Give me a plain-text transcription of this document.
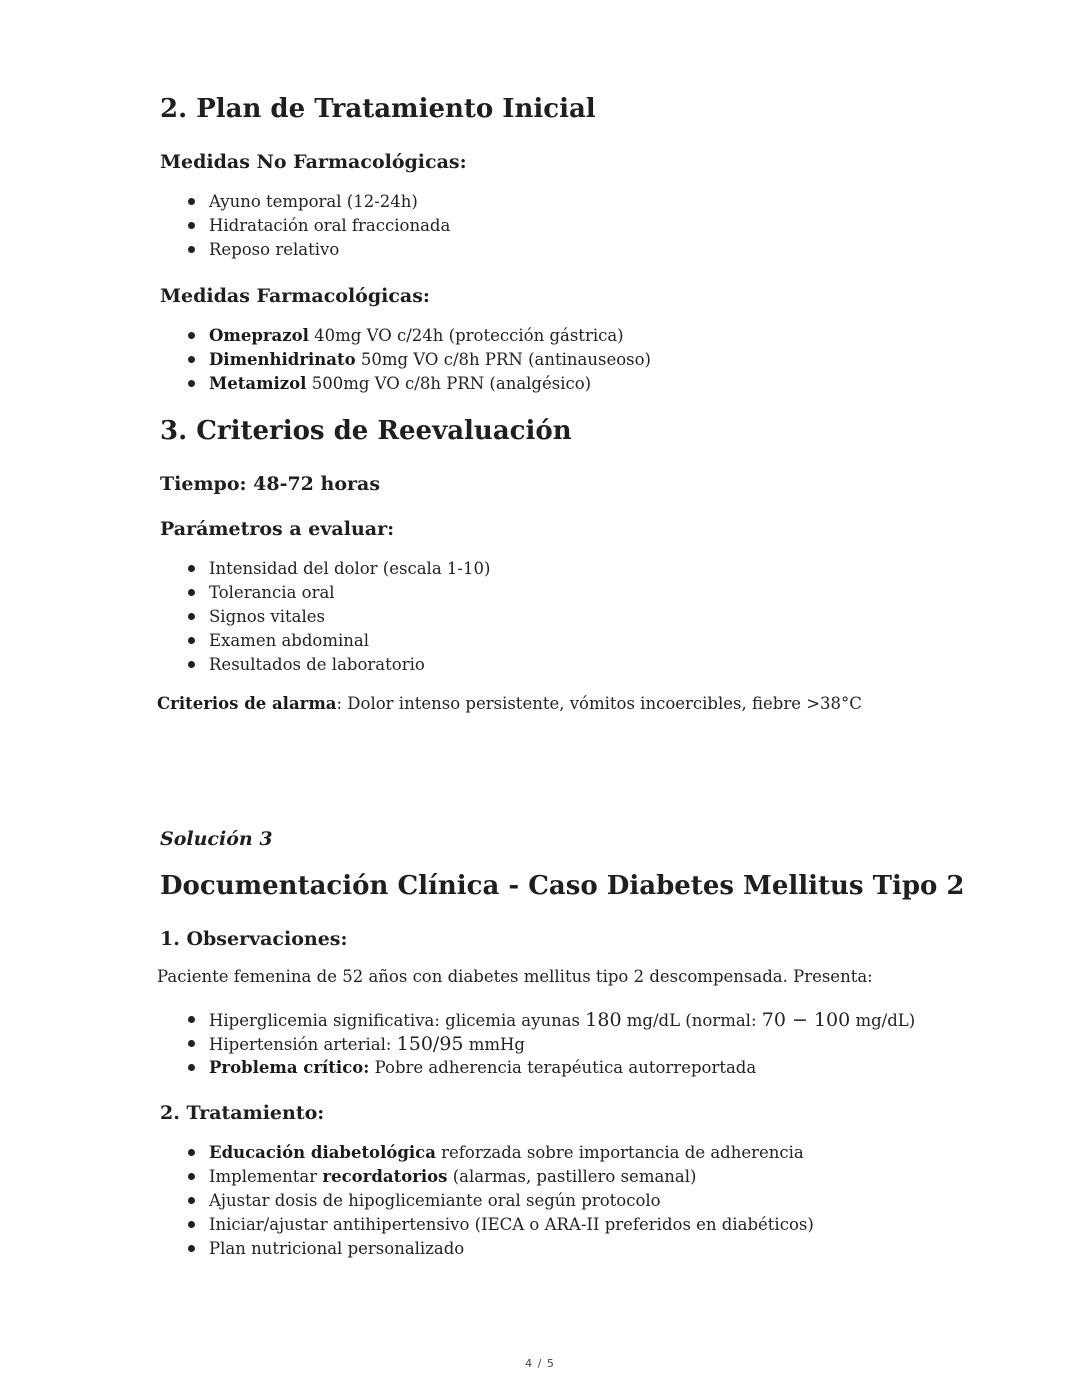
2. Plan de Tratamiento Inicial
Medidas No Farmacológicas:
Ayuno temporal (12-24h)
Hidratación oral fraccionada
Reposo relativo
Medidas Farmacológicas:
Omeprazol 40mg VO c/24h (protección gástrica)
Dimenhidrinato 50mg VO c/8h PRN (antinauseoso)
Metamizol 500mg VO c/8h PRN (analgésico)
3. Criterios de Reevaluación
Tiempo: 48-72 horas
Parámetros a evaluar:
Intensidad del dolor (escala 1-10)
Tolerancia oral
Signos vitales
Examen abdominal
Resultados de laboratorio

Criterios de alarma: Dolor intenso persistente, vómitos incoercibles, fiebre >38°C

Solución 3
Documentación Clínica - Caso Diabetes Mellitus Tipo 2
1. Observaciones:

Paciente femenina de 52 años con diabetes mellitus tipo 2 descompensada. Presenta:

Hiperglicemia significativa: glicemia ayunas 180 mg/dL (normal: 70 − 100 mg/dL)
Hipertensión arterial: 150/95 mmHg
Problema crítico: Pobre adherencia terapéutica autorreportada
2. Tratamiento:
Educación diabetológica reforzada sobre importancia de adherencia
Implementar recordatorios (alarmas, pastillero semanal)
Ajustar dosis de hipoglicemiante oral según protocolo
Iniciar/ajustar antihipertensivo (IECA o ARA-II preferidos en diabéticos)
Plan nutricional personalizado
4 / 5
